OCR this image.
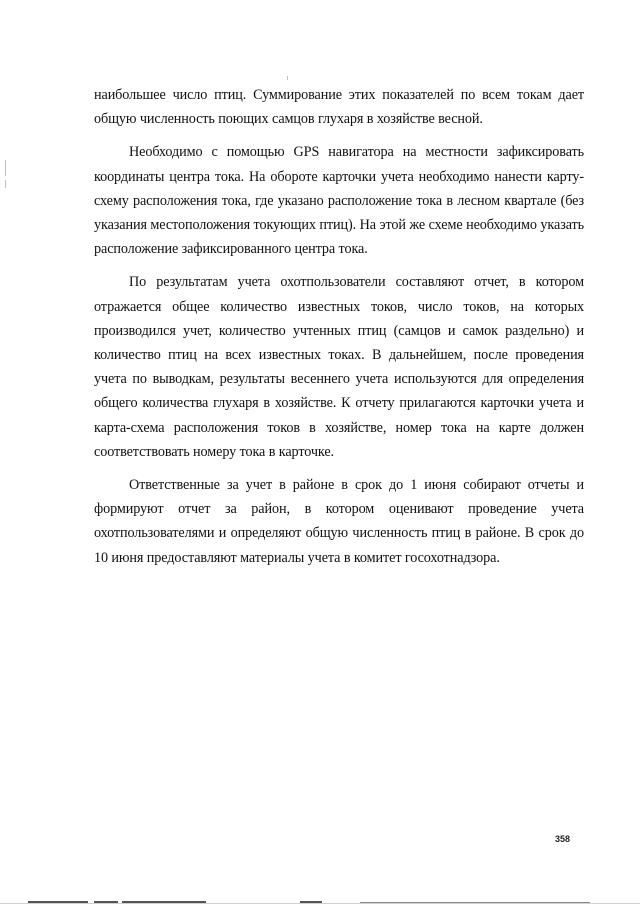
наибольшее число птиц. Суммирование этих показателей по всем токам дает общую численность поющих самцов глухаря в хозяйстве весной.

Необходимо с помощью GPS навигатора на местности зафиксировать координаты центра тока. На обороте карточки учета необходимо нанести карту-схему расположения тока, где указано расположение тока в лесном квартале (без указания местоположения токующих птиц). На этой же схеме необходимо указать расположение зафиксированного центра тока.

По результатам учета охотпользователи составляют отчет, в котором отражается общее количество известных токов, число токов, на которых производился учет, количество учтенных птиц (самцов и самок раздельно) и количество птиц на всех известных токах. В дальнейшем, после проведения учета по выводкам, результаты весеннего учета используются для определения общего количества глухаря в хозяйстве. К отчету прилагаются карточки учета и карта-схема расположения токов в хозяйстве, номер тока на карте должен соответствовать номеру тока в карточке.

Ответственные за учет в районе в срок до 1 июня собирают отчеты и формируют отчет за район, в котором оценивают проведение учета охотпользователями и определяют общую численность птиц в районе. В срок до 10 июня предоставляют материалы учета в комитет госохотнадзора.

358
